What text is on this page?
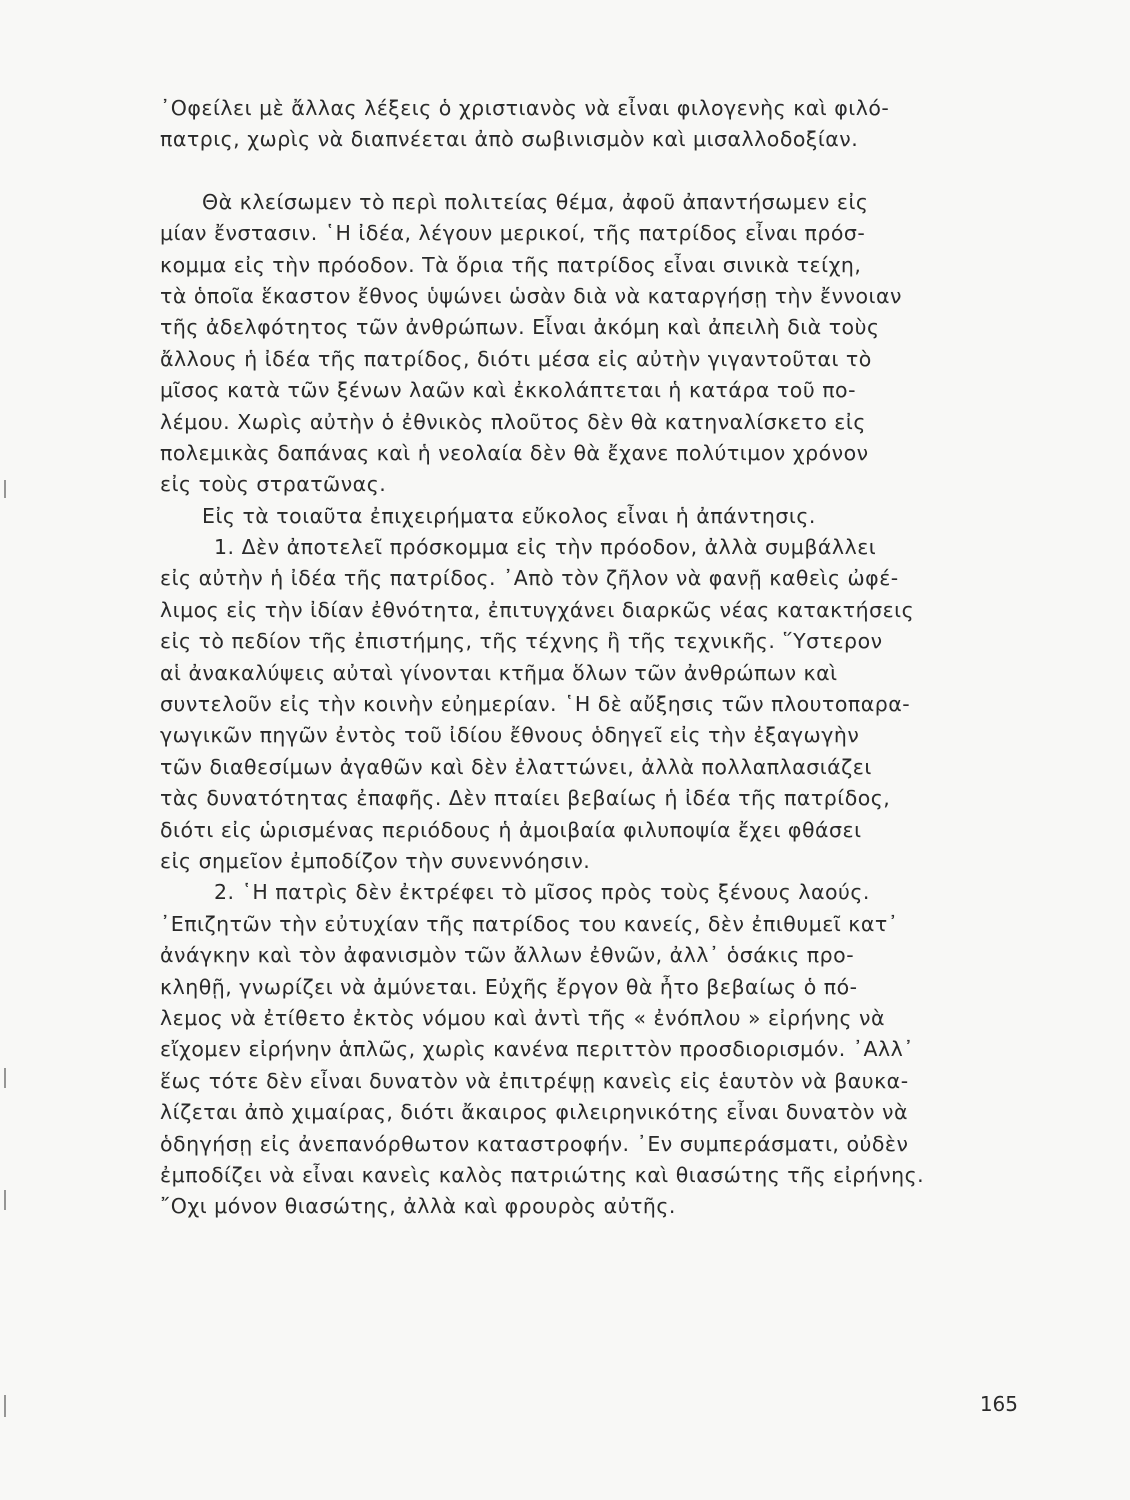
᾿Οφείλει μὲ ἄλλας λέξεις ὁ χριστιανὸς νὰ εἶναι φιλογενὴς καὶ φιλό-
πατρις, χωρὶς νὰ διαπνέεται ἀπὸ σωβινισμὸν καὶ μισαλλοδοξίαν.
Θὰ κλείσωμεν τὸ περὶ πολιτείας θέμα, ἀφοῦ ἀπαντήσωμεν εἰς
μίαν ἔνστασιν. ῾Η ἰδέα, λέγουν μερικοί, τῆς πατρίδος εἶναι πρόσ-
κομμα εἰς τὴν πρόοδον. Τὰ ὅρια τῆς πατρίδος εἶναι σινικὰ τείχη,
τὰ ὁποῖα ἕκαστον ἔθνος ὑψώνει ὡσὰν διὰ νὰ καταργήσῃ τὴν ἔννοιαν
τῆς ἀδελφότητος τῶν ἀνθρώπων. Εἶναι ἀκόμη καὶ ἀπειλὴ διὰ τοὺς
ἄλλους ἡ ἰδέα τῆς πατρίδος, διότι μέσα εἰς αὐτὴν γιγαντοῦται τὸ
μῖσος κατὰ τῶν ξένων λαῶν καὶ ἐκκολάπτεται ἡ κατάρα τοῦ πο-
λέμου. Χωρὶς αὐτὴν ὁ ἐθνικὸς πλοῦτος δὲν θὰ κατηναλίσκετο εἰς
πολεμικὰς δαπάνας καὶ ἡ νεολαία δὲν θὰ ἔχανε πολύτιμον χρόνον
εἰς τοὺς στρατῶνας.
Εἰς τὰ τοιαῦτα ἐπιχειρήματα εὔκολος εἶναι ἡ ἀπάντησις.
1. Δὲν ἀποτελεῖ πρόσκομμα εἰς τὴν πρόοδον, ἀλλὰ συμβάλλει
εἰς αὐτὴν ἡ ἰδέα τῆς πατρίδος. ᾿Απὸ τὸν ζῆλον νὰ φανῇ καθεὶς ὠφέ-
λιμος εἰς τὴν ἰδίαν ἐθνότητα, ἐπιτυγχάνει διαρκῶς νέας κατακτήσεις
εἰς τὸ πεδίον τῆς ἐπιστήμης, τῆς τέχνης ἢ τῆς τεχνικῆς. ῞Υστερον
αἱ ἀνακαλύψεις αὐταὶ γίνονται κτῆμα ὅλων τῶν ἀνθρώπων καὶ
συντελοῦν εἰς τὴν κοινὴν εὐημερίαν. ῾Η δὲ αὔξησις τῶν πλουτοπαρα-
γωγικῶν πηγῶν ἐντὸς τοῦ ἰδίου ἔθνους ὁδηγεῖ εἰς τὴν ἐξαγωγὴν
τῶν διαθεσίμων ἀγαθῶν καὶ δὲν ἐλαττώνει, ἀλλὰ πολλαπλασιάζει
τὰς δυνατότητας ἐπαφῆς. Δὲν πταίει βεβαίως ἡ ἰδέα τῆς πατρίδος,
διότι εἰς ὡρισμένας περιόδους ἡ ἀμοιβαία φιλυποψία ἔχει φθάσει
εἰς σημεῖον ἐμποδίζον τὴν συνεννόησιν.
2. ῾Η πατρὶς δὲν ἐκτρέφει τὸ μῖσος πρὸς τοὺς ξένους λαούς.
᾿Επιζητῶν τὴν εὐτυχίαν τῆς πατρίδος του κανείς, δὲν ἐπιθυμεῖ κατ᾿
ἀνάγκην καὶ τὸν ἀφανισμὸν τῶν ἄλλων ἐθνῶν, ἀλλ᾿ ὁσάκις προ-
κληθῇ, γνωρίζει νὰ ἀμύνεται. Εὐχῆς ἔργον θὰ ἦτο βεβαίως ὁ πό-
λεμος νὰ ἐτίθετο ἐκτὸς νόμου καὶ ἀντὶ τῆς « ἐνόπλου » εἰρήνης νὰ
εἴχομεν εἰρήνην ἁπλῶς, χωρὶς κανένα περιττὸν προσδιορισμόν. ᾿Αλλ᾿
ἕως τότε δὲν εἶναι δυνατὸν νὰ ἐπιτρέψῃ κανεὶς εἰς ἑαυτὸν νὰ βαυκα-
λίζεται ἀπὸ χιμαίρας, διότι ἄκαιρος φιλειρηνικότης εἶναι δυνατὸν νὰ
ὁδηγήσῃ εἰς ἀνεπανόρθωτον καταστροφήν. ᾿Εν συμπεράσματι, οὐδὲν
ἐμποδίζει νὰ εἶναι κανεὶς καλὸς πατριώτης καὶ θιασώτης τῆς εἰρήνης.
῎Οχι μόνον θιασώτης, ἀλλὰ καὶ φρουρὸς αὐτῆς.
165
